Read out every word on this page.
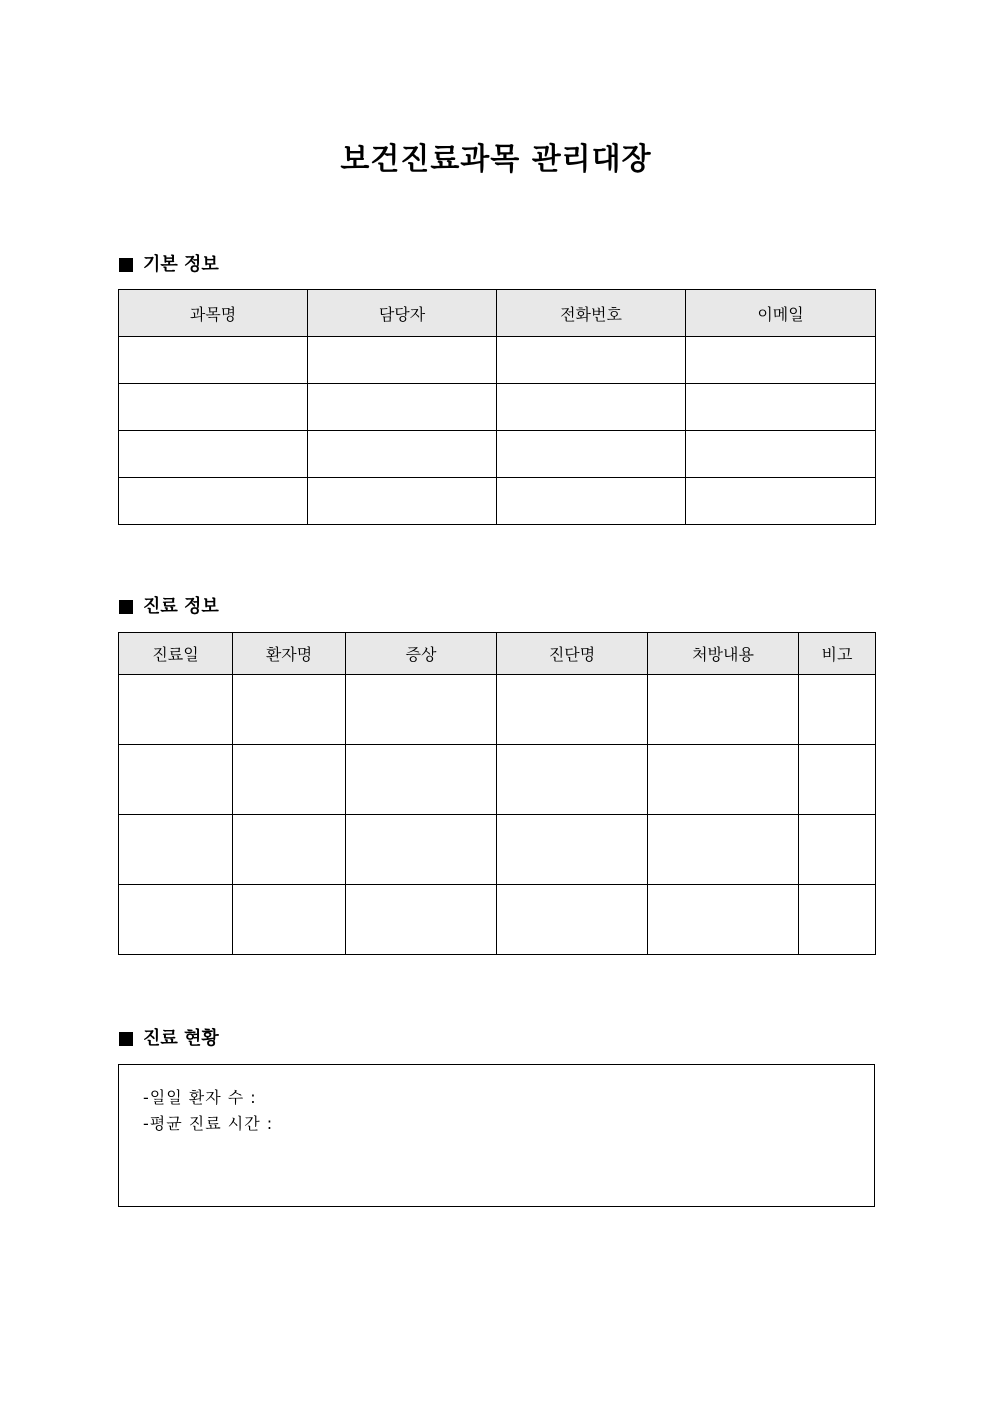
보건진료과목 관리대장
기본 정보
과목명	담당자	전화번호	이메일

진료 정보
진료일	환자명	증상	진단명	처방내용	비고

진료 현황
-일일 환자 수 :
-평균 진료 시간 :
